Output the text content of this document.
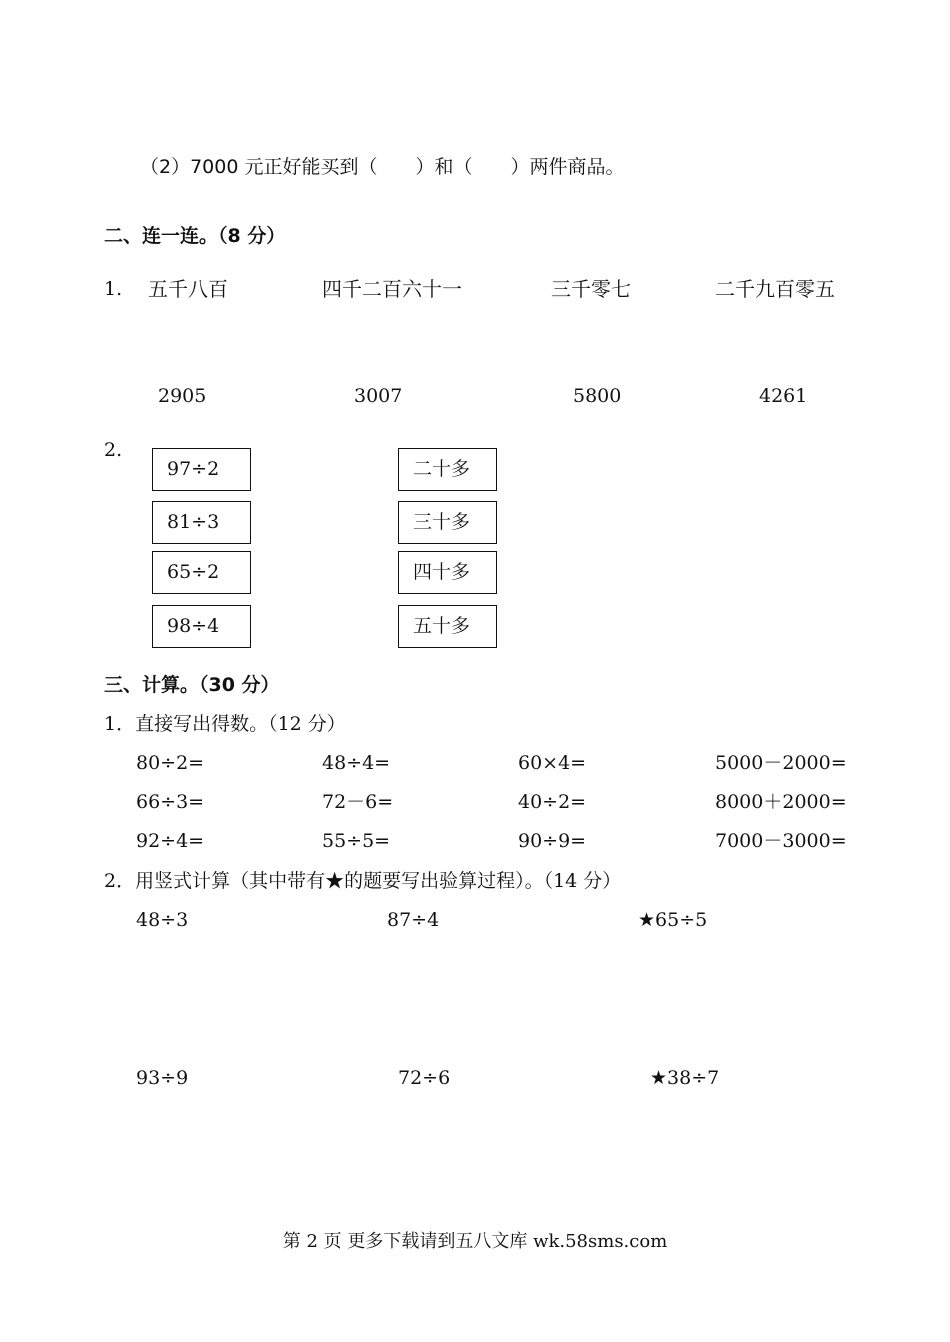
（2）7000 元正好能买到（　　）和（　　）两件商品。
二、连一连。（8 分）
1. 五千八百	四千二百六十一	三千零七	二千九百零五
2905	3007	5800	4261
2.
97÷2
81÷3
65÷2
98÷4
二十多
三十多
四十多
五十多
三、计算。（30 分）
1．直接写出得数。（12 分）
80÷2=	48÷4=	60×4=	5000－2000=
66÷3=	72－6=	40÷2=	8000＋2000=
92÷4=	55÷5=	90÷9=	7000－3000=
2．用竖式计算（其中带有★的题要写出验算过程）。（14 分）
48÷3	87÷4	★65÷5
93÷9	72÷6	★38÷7
第 2 页 更多下载请到五八文库 wk.58sms.com
